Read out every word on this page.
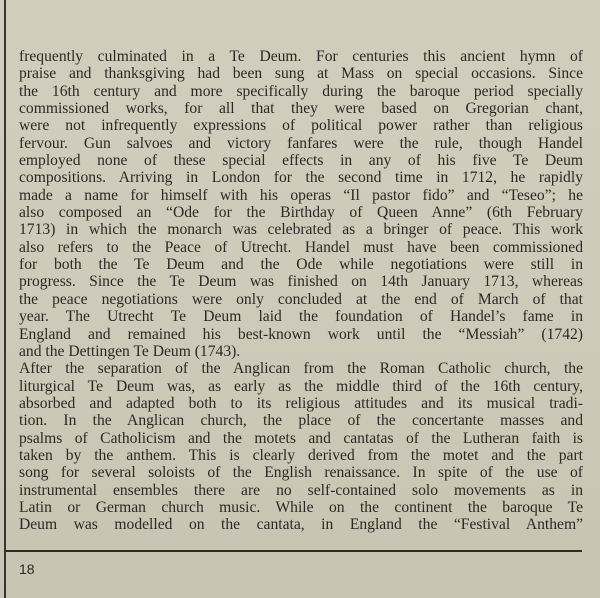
frequently culminated in a Te Deum. For centuries this ancient hymn of

praise and thanksgiving had been sung at Mass on special occasions. Since

the 16th century and more specifically during the baroque period specially

commissioned works, for all that they were based on Gregorian chant,

were not infrequently expressions of political power rather than religious

fervour. Gun salvoes and victory fanfares were the rule, though Handel

employed none of these special effects in any of his five Te Deum

compositions. Arriving in London for the second time in 1712, he rapidly

made a name for himself with his operas “Il pastor fido” and “Teseo”; he

also composed an “Ode for the Birthday of Queen Anne” (6th February

1713) in which the monarch was celebrated as a bringer of peace. This work

also refers to the Peace of Utrecht. Handel must have been commissioned

for both the Te Deum and the Ode while negotiations were still in

progress. Since the Te Deum was finished on 14th January 1713, whereas

the peace negotiations were only concluded at the end of March of that

year. The Utrecht Te Deum laid the foundation of Handel’s fame in

England and remained his best-known work until the “Messiah” (1742)

and the Dettingen Te Deum (1743).

After the separation of the Anglican from the Roman Catholic church, the

liturgical Te Deum was, as early as the middle third of the 16th century,

absorbed and adapted both to its religious attitudes and its musical tradi-

tion. In the Anglican church, the place of the concertante masses and

psalms of Catholicism and the motets and cantatas of the Lutheran faith is

taken by the anthem. This is clearly derived from the motet and the part

song for several soloists of the English renaissance. In spite of the use of

instrumental ensembles there are no self-contained solo movements as in

Latin or German church music. While on the continent the baroque Te

Deum was modelled on the cantata, in England the “Festival Anthem”

18
